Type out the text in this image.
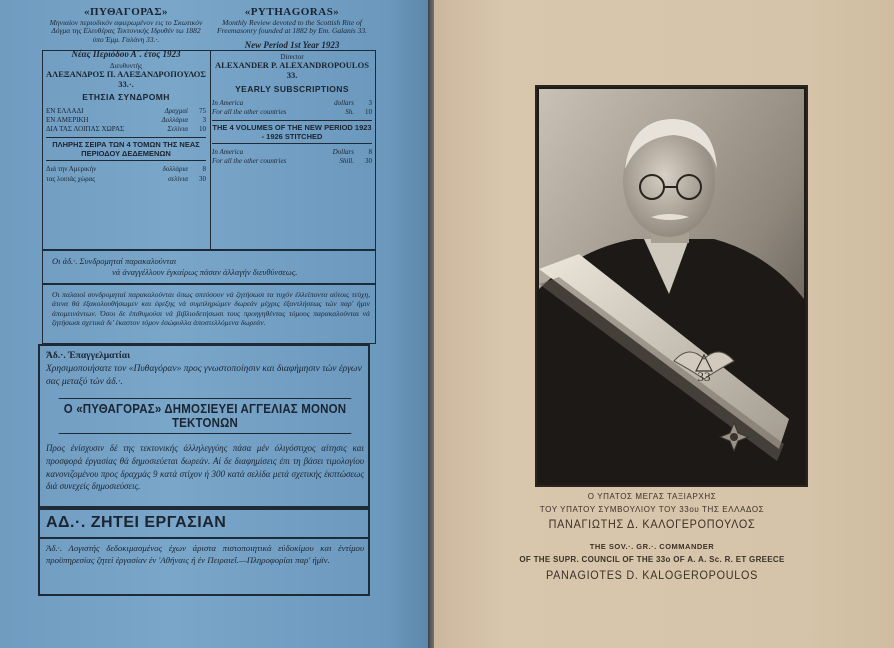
«ΠΥΘΑΓΟΡΑΣ»
Μηνιαίον περιοδικόν αφιερωμένον εις το Σκωτικόν Δόγμα της Ελευθέρας Τεκτονικής Ιδρυθέν τω 1882 ύπο Έμμ. Γαλάνη 33.·.
Νέας Περιόδου Α΄. έτος 1923
Διευθυντής
ΑΛΕΞΑΝΔΡΟΣ Π. ΑΛΕΞΑΝΔΡΟΠΟΥΛΟΣ 33.·.
ΕΤΗΣΙΑ ΣΥΝΔΡΟΜΗ
ΕΝ ΕΛΛΑΔΙ	Δραχμαί	75
ΕΝ ΑΜΕΡΙΚΗ	Δολλάρια	3
ΔΙΑ ΤΑΣ ΛΟΙΠΑΣ ΧΩΡΑΣ	Σελίνια	10
ΠΛΗΡΗΣ ΣΕΙΡΑ ΤΩΝ 4 ΤΟΜΩΝ ΤΗΣ ΝΕΑΣ ΠΕΡΙΟΔΟΥ ΔΕΔΕΜΕΝΩΝ
Διά την Αμερικήν	δολλάρια	8
τας λοιπάς χώρας	σελίνια	30
«PYTHAGORAS»
Monthly Review devoted to the Scottish Rite of Freemasonry founded at 1882 by Em. Galanis 33.
New Period 1st Year 1923
Director
ALEXANDER P. ALEXANDROPOULOS 33.
YEARLY SUBSCRIPTIONS
In America	dollars	3
For all the other countries	Sh.	10
THE 4 VOLUMES OF THE NEW PERIOD 1923 - 1926 STITCHED
In America	Dollars	8
For all the other countries	Shill.	30
Οι άδ.·. Συνδρομηταί παρακαλούνται
νά άναγγέλλουν έγκαίρως πάσαν άλλαγήν διευθύνσεως.
Οι παλαιοί συνδρομηταί παρακαλούνται όπως σπεύσουν νά ζητήσωσι τα τυχόν έλλείποντα αύτοις τεύχη, άτινα θά έξακολουθήσωμεν και έφεξης νά συμπληρώμεν δωρεάν μέχρις έξαντλήσεως τών παρ' ήμιν άπομεινάντων. Όσοι δε έπιθυμούσι νά βιβλιοδετήσωσι τους προηγηθέντας τόμους παρακαλούνται νά ζητήσωσι σχετικά δι' έκαστον τόμον έσώφυλλα άποστελλόμενα δωρεάν.
Άδ.·. Έπαγγελματίαι
Χρησιμοποιήσατε τον «Πυθαγόραν» προς γνωστοποίησιν και διαφήμησιν τών έργων σας μεταξύ τών άδ.·.
Ο «ΠΥΘΑΓΟΡΑΣ» ΔΗΜΟΣΙΕΥΕΙ ΑΓΓΕΛΙΑΣ ΜΟΝΟΝ ΤΕΚΤΟΝΩΝ
Προς ένίσχυσιν δέ της τεκτονικής άλληλεγγύης πάσα μέν όλιγόστιχος αίτησις και προσφορά έργασίας θά δημοσιεύεται δωρεάν. Αί δε διαφημίσεις έπι τη βάσει τιμολογίου κανονιζομένου προς δραχμάς 9 κατά στίχον ή 300 κατά σελίδα μετά σχετικής έκπτώσεως διά συνεχείς δημοσιεύσεις.
ΑΔ.·. ΖΗΤΕΙ ΕΡΓΑΣΙΑΝ
Άδ.·. Λογιστής δεδοκιμασμένος έχων άριστα πιστοποιητικά εύδοκίμου και έντίμου προϋπηρεσίας ζητεί έργασίαν έν 'Αθήναις ή έν Πειραιεΐ.—Πληροφορίαι παρ' ήμϊν.
33
Ο ΥΠΑΤΟΣ ΜΕΓΑΣ ΤΑΞΙΑΡΧΗΣ
ΤΟΥ ΥΠΑΤΟΥ ΣΥΜΒΟΥΛΙΟΥ ΤΟΥ 33ου ΤΗΣ ΕΛΛΑΔΟΣ
ΠΑΝΑΓΙΩΤΗΣ Δ. ΚΑΛΟΓΕΡΟΠΟΥΛΟΣ
THE SOV.·. GR.·. COMMANDER
OF THE SUPR. COUNCIL OF THE 33o OF A. A. Sc. R. ET GREECE
PANAGIOTES D. KALOGEROPOULOS
